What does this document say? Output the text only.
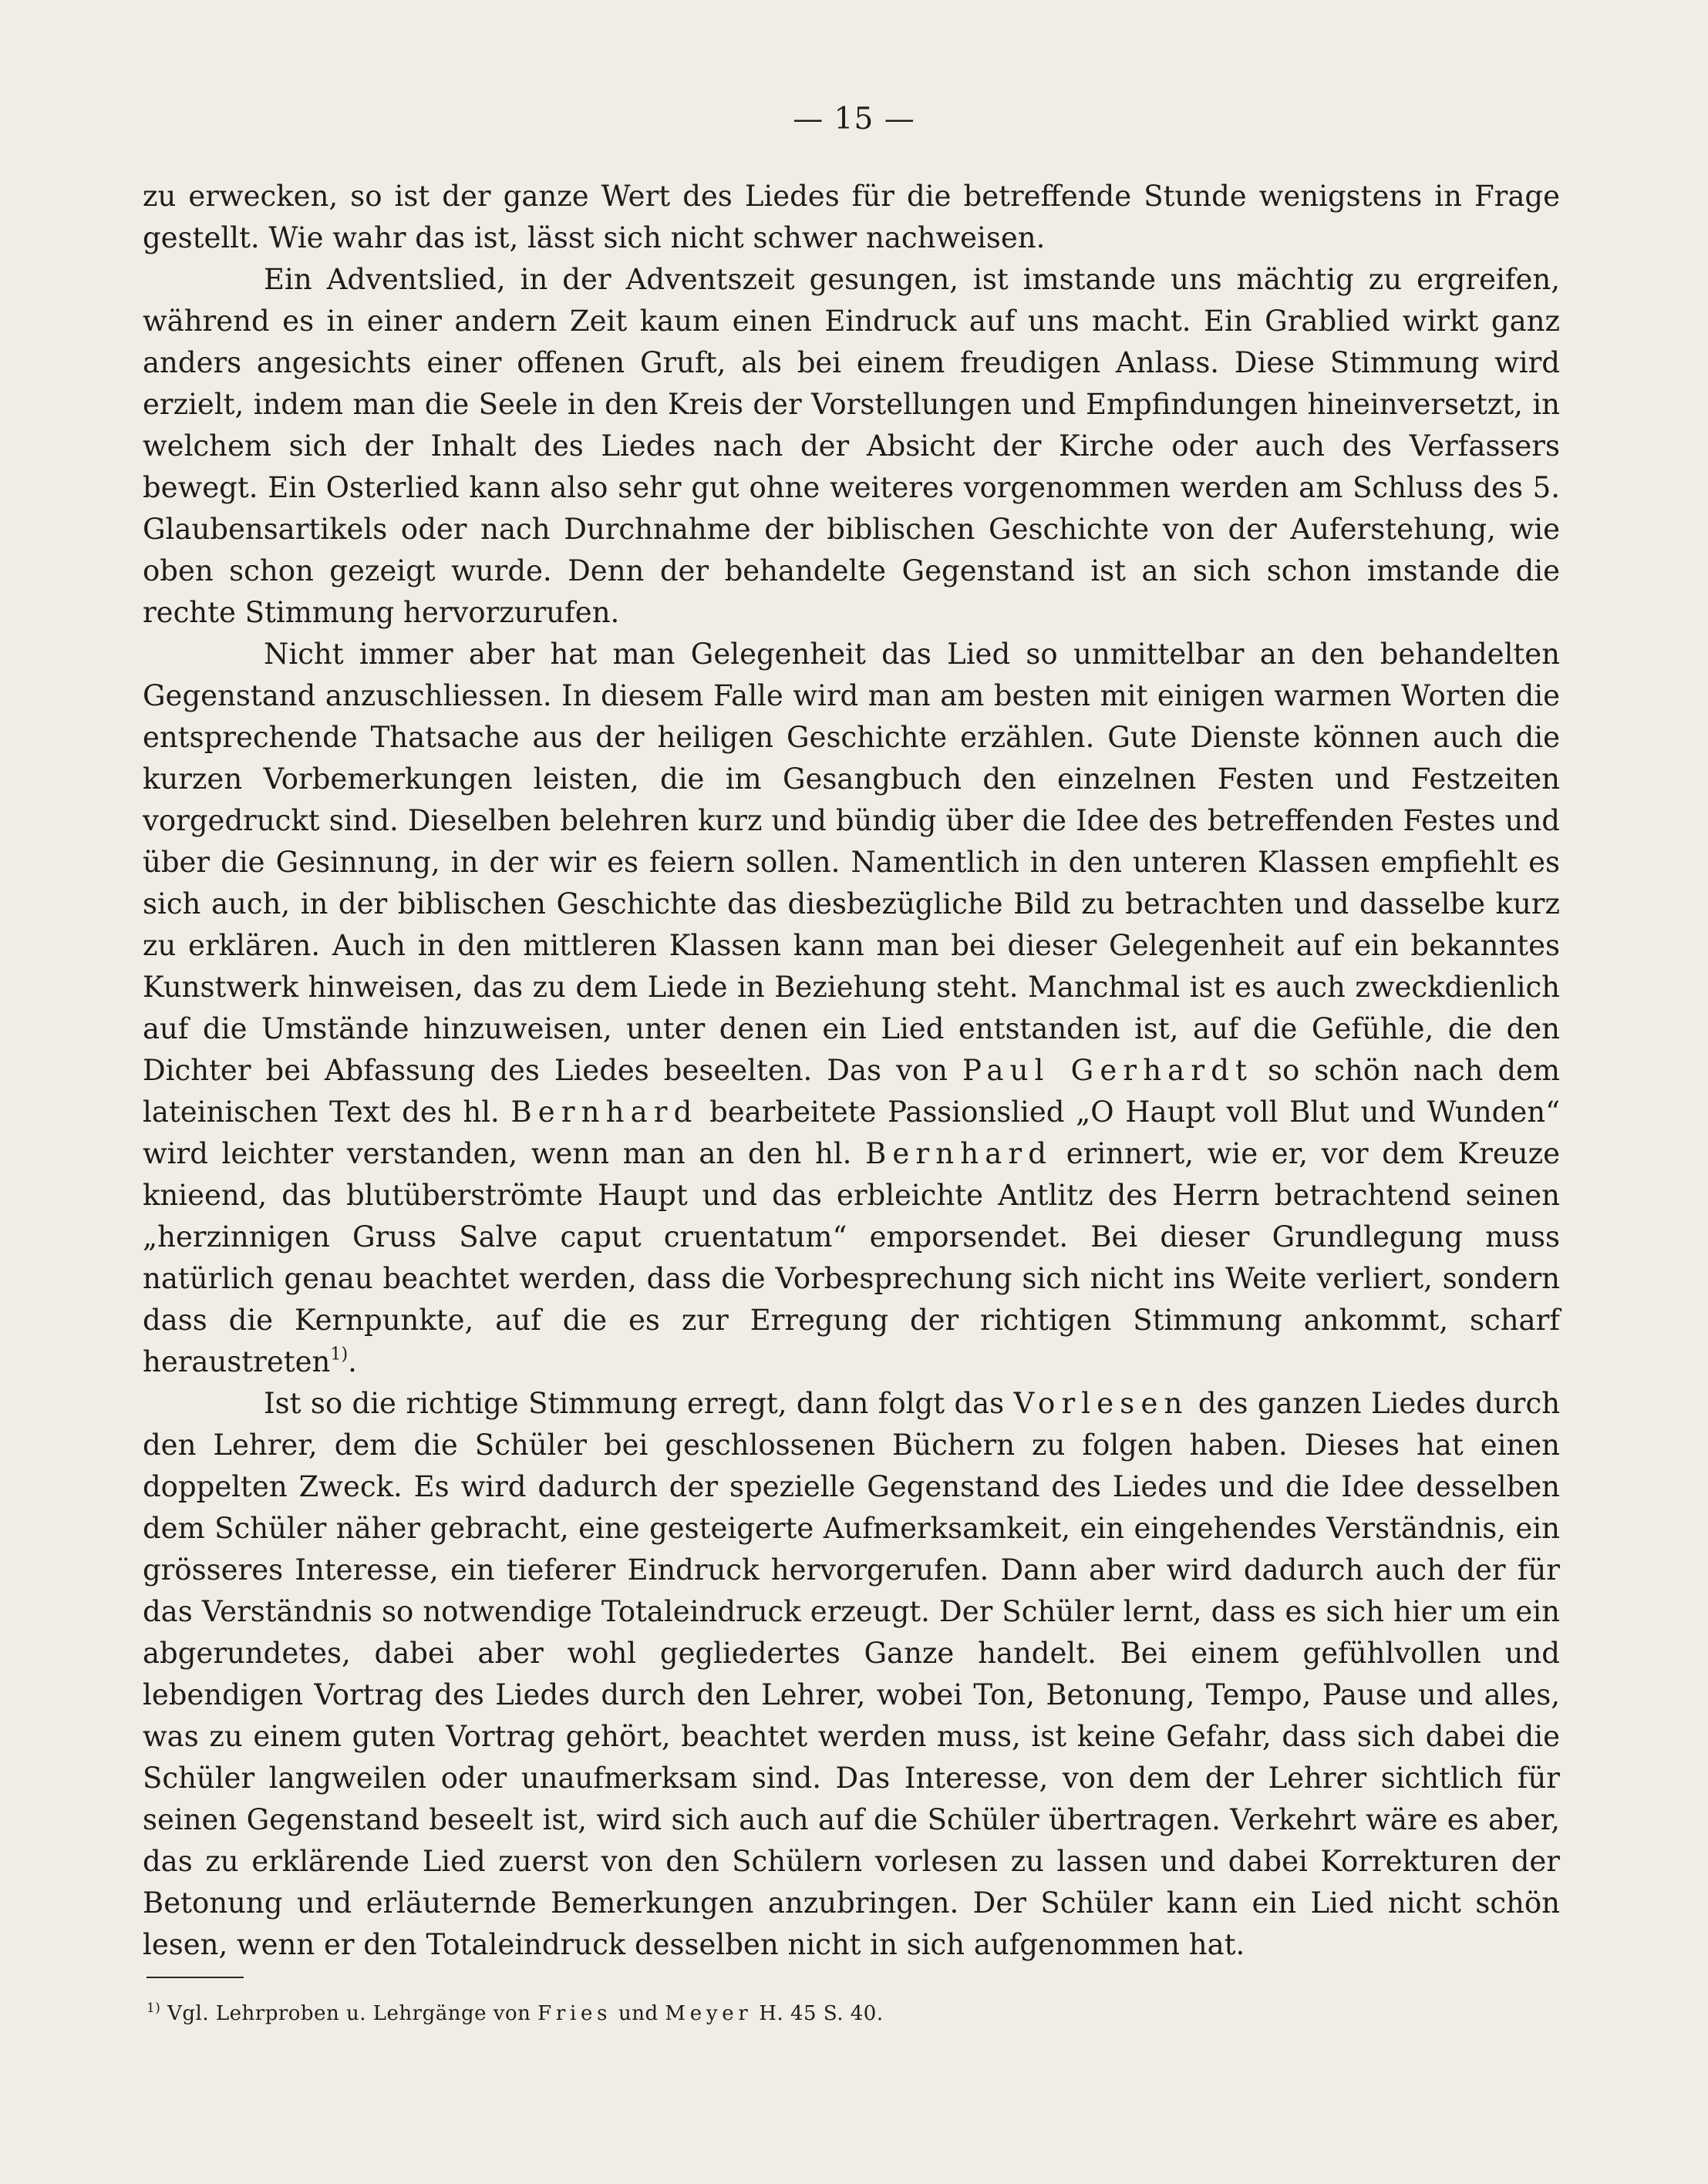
— 15 —

zu erwecken, so ist der ganze Wert des Liedes für die betreffende Stunde wenigstens in Frage gestellt. Wie wahr das ist, lässt sich nicht schwer nachweisen.

Ein Adventslied, in der Adventszeit gesungen, ist imstande uns mächtig zu ergreifen, während es in einer andern Zeit kaum einen Eindruck auf uns macht. Ein Grablied wirkt ganz anders angesichts einer offenen Gruft, als bei einem freudigen Anlass. Diese Stimmung wird erzielt, indem man die Seele in den Kreis der Vorstellungen und Empfindungen hineinversetzt, in welchem sich der Inhalt des Liedes nach der Absicht der Kirche oder auch des Verfassers bewegt. Ein Osterlied kann also sehr gut ohne weiteres vorgenommen werden am Schluss des 5. Glaubensartikels oder nach Durchnahme der biblischen Geschichte von der Auferstehung, wie oben schon gezeigt wurde. Denn der behandelte Gegenstand ist an sich schon imstande die rechte Stimmung hervorzurufen.

Nicht immer aber hat man Gelegenheit das Lied so unmittelbar an den behandelten Gegenstand anzuschliessen. In diesem Falle wird man am besten mit einigen warmen Worten die entsprechende Thatsache aus der heiligen Geschichte erzählen. Gute Dienste können auch die kurzen Vorbemerkungen leisten, die im Gesangbuch den einzelnen Festen und Festzeiten vorgedruckt sind. Dieselben belehren kurz und bündig über die Idee des betreffenden Festes und über die Gesinnung, in der wir es feiern sollen. Namentlich in den unteren Klassen empfiehlt es sich auch, in der biblischen Geschichte das diesbezügliche Bild zu betrachten und dasselbe kurz zu erklären. Auch in den mittleren Klassen kann man bei dieser Gelegenheit auf ein bekanntes Kunstwerk hinweisen, das zu dem Liede in Beziehung steht. Manchmal ist es auch zweckdienlich auf die Umstände hinzuweisen, unter denen ein Lied entstanden ist, auf die Gefühle, die den Dichter bei Abfassung des Liedes beseelten. Das von Paul Gerhardt so schön nach dem lateinischen Text des hl. Bernhard bearbeitete Passionslied „O Haupt voll Blut und Wunden“ wird leichter verstanden, wenn man an den hl. Bernhard erinnert, wie er, vor dem Kreuze knieend, das blutüberströmte Haupt und das erbleichte Antlitz des Herrn betrachtend seinen „herzinnigen Gruss Salve caput cruentatum“ emporsendet. Bei dieser Grundlegung muss natürlich genau beachtet werden, dass die Vorbesprechung sich nicht ins Weite verliert, sondern dass die Kernpunkte, auf die es zur Erregung der richtigen Stimmung ankommt, scharf heraustreten$^{1)}$.

Ist so die richtige Stimmung erregt, dann folgt das Vorlesen des ganzen Liedes durch den Lehrer, dem die Schüler bei geschlossenen Büchern zu folgen haben. Dieses hat einen doppelten Zweck. Es wird dadurch der spezielle Gegenstand des Liedes und die Idee desselben dem Schüler näher gebracht, eine gesteigerte Aufmerksamkeit, ein eingehendes Verständnis, ein grösseres Interesse, ein tieferer Eindruck hervorgerufen. Dann aber wird dadurch auch der für das Verständnis so notwendige Totaleindruck erzeugt. Der Schüler lernt, dass es sich hier um ein abgerundetes, dabei aber wohl gegliedertes Ganze handelt. Bei einem gefühlvollen und lebendigen Vortrag des Liedes durch den Lehrer, wobei Ton, Betonung, Tempo, Pause und alles, was zu einem guten Vortrag gehört, beachtet werden muss, ist keine Gefahr, dass sich dabei die Schüler langweilen oder unaufmerksam sind. Das Interesse, von dem der Lehrer sichtlich für seinen Gegenstand beseelt ist, wird sich auch auf die Schüler übertragen. Verkehrt wäre es aber, das zu erklärende Lied zuerst von den Schülern vorlesen zu lassen und dabei Korrekturen der Betonung und erläuternde Bemerkungen anzubringen. Der Schüler kann ein Lied nicht schön lesen, wenn er den Totaleindruck desselben nicht in sich aufgenommen hat.

$^{1)}$ Vgl. Lehrproben u. Lehrgänge von Fries und Meyer H. 45 S. 40.
